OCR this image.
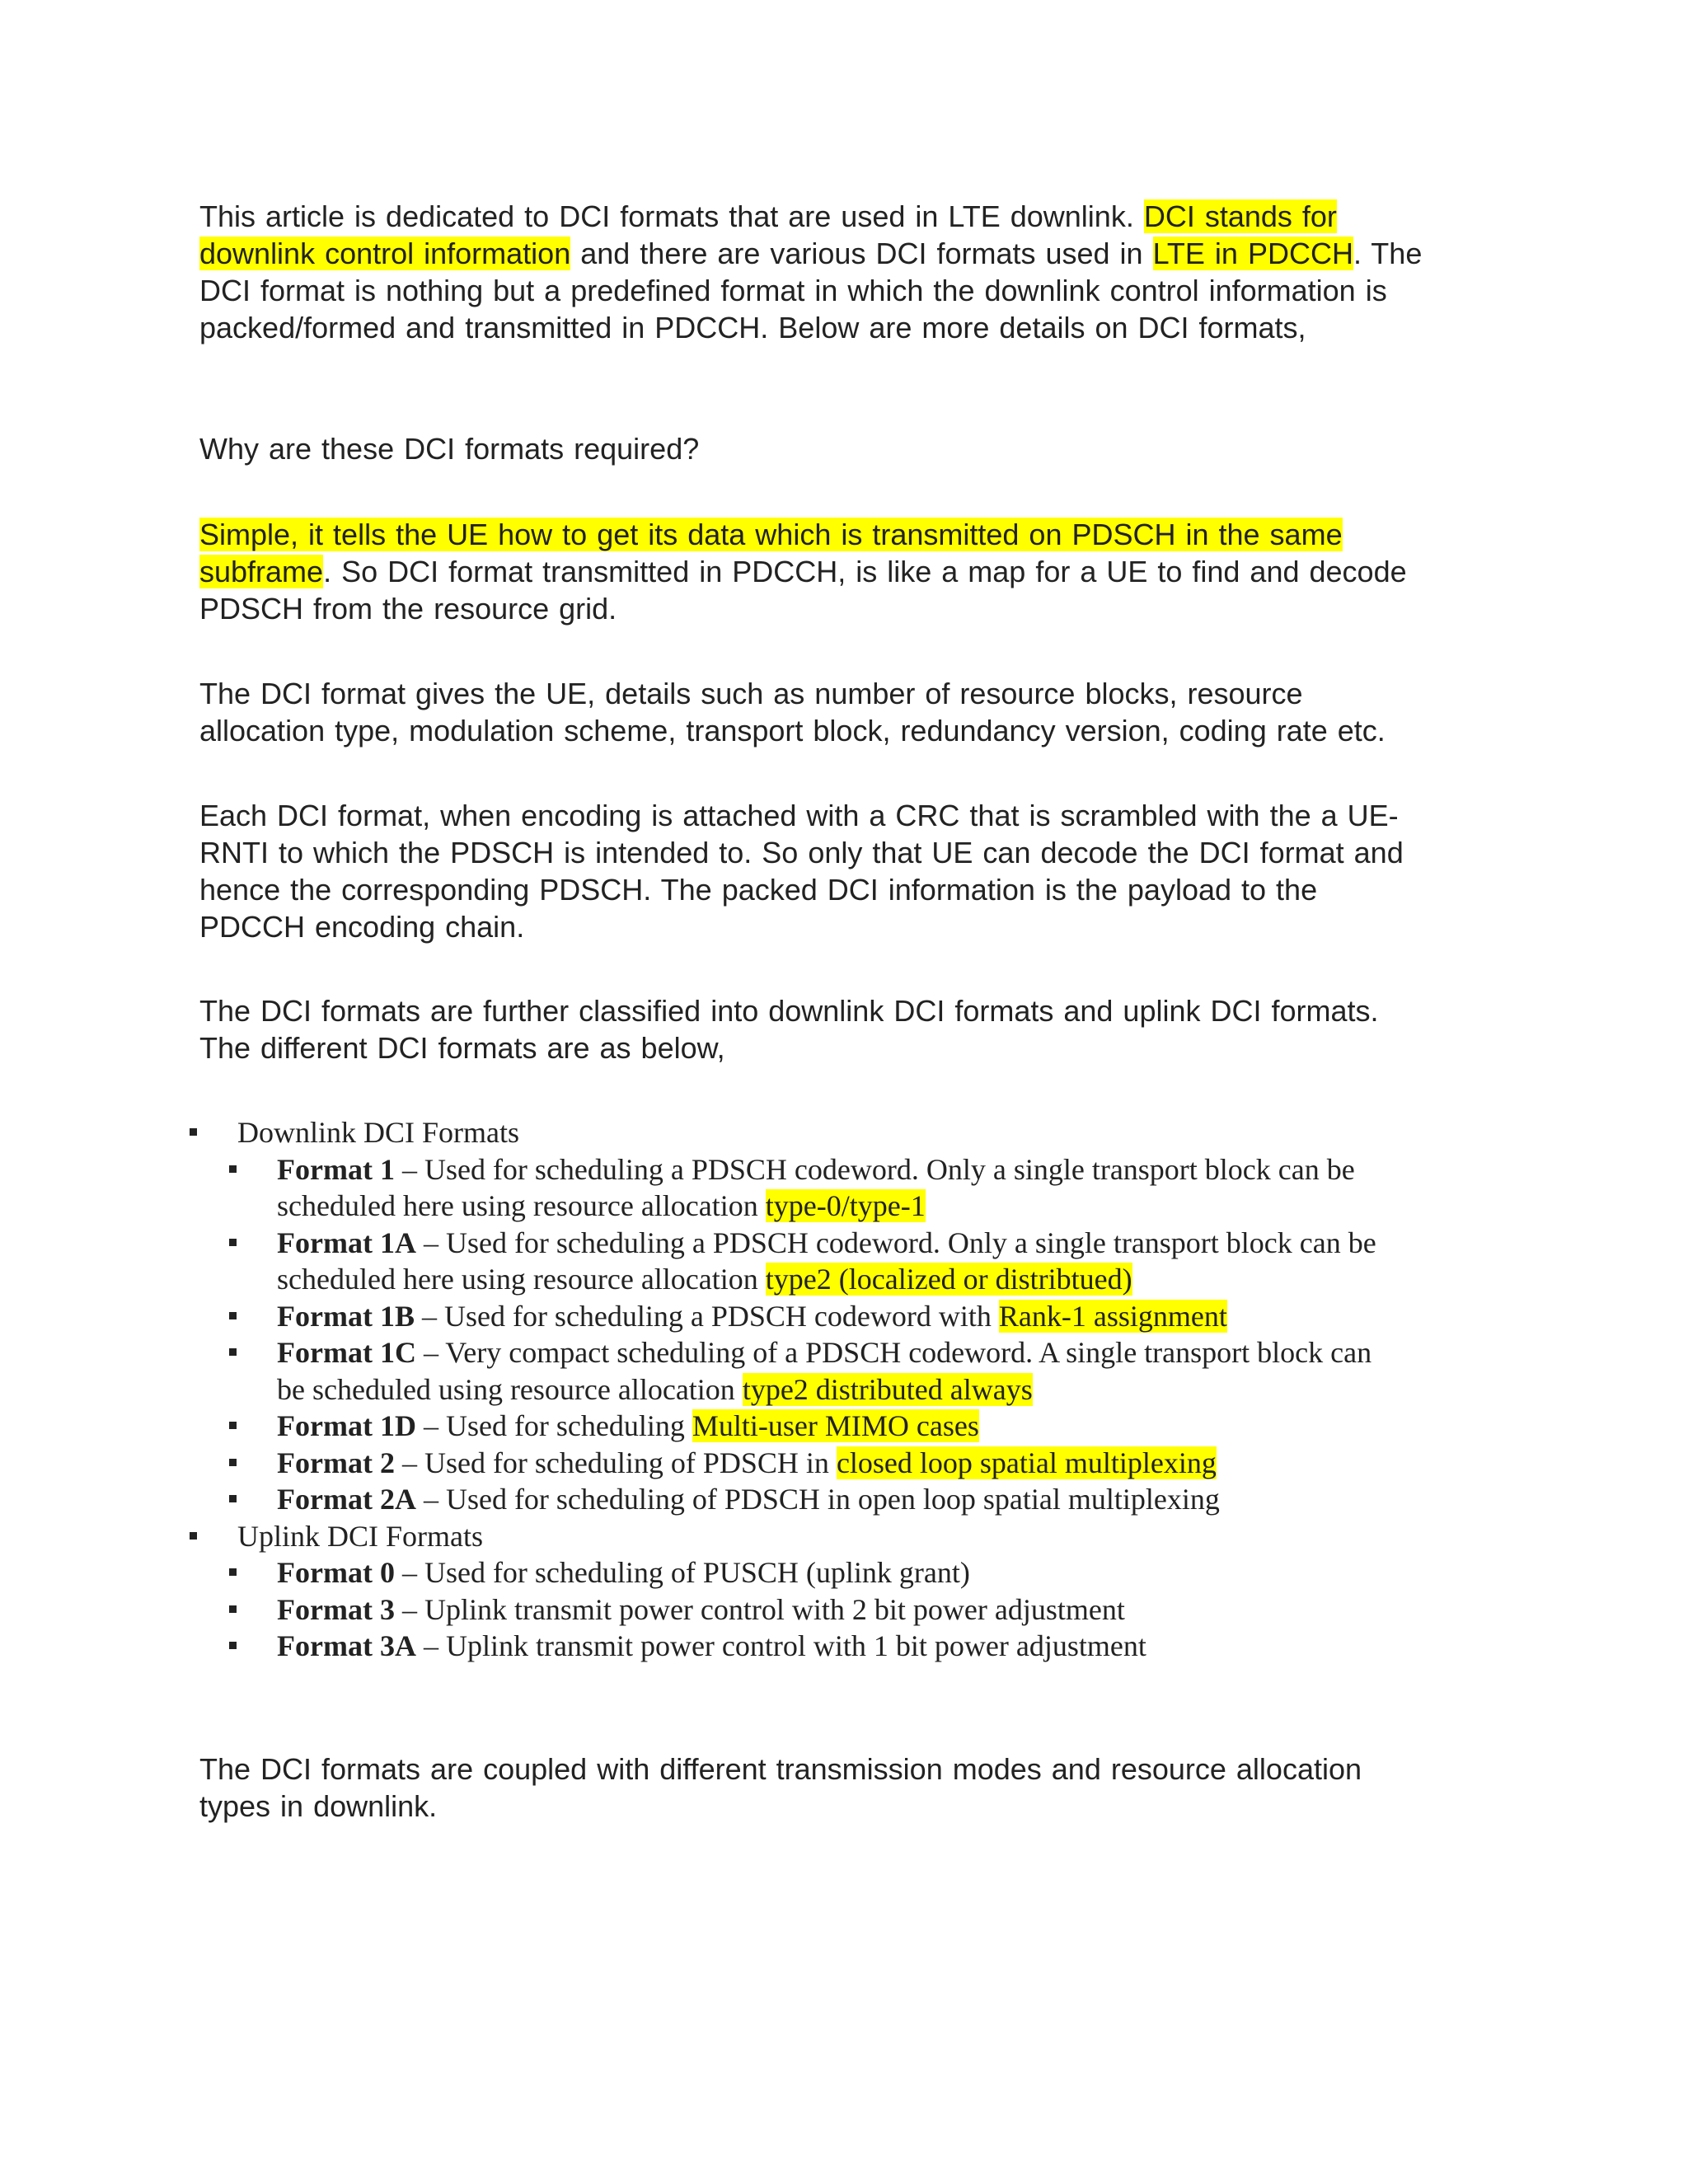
This article is dedicated to DCI formats that are used in LTE downlink. DCI stands for
downlink control information and there are various DCI formats used in LTE in PDCCH. The
DCI format is nothing but a predefined format in which the downlink control information is
packed/formed and transmitted in PDCCH. Below are more details on DCI formats,
Why are these DCI formats required?
Simple, it tells the UE how to get its data which is transmitted on PDSCH in the same
subframe. So DCI format transmitted in PDCCH, is like a map for a UE to find and decode
PDSCH from the resource grid.
The DCI format gives the UE, details such as number of resource blocks, resource
allocation type, modulation scheme, transport block, redundancy version, coding rate etc.
Each DCI format, when encoding is attached with a CRC that is scrambled with the a UE-
RNTI to which the PDSCH is intended to. So only that UE can decode the DCI format and
hence the corresponding PDSCH. The packed DCI information is the payload to the
PDCCH encoding chain.
The DCI formats are further classified into downlink DCI formats and uplink DCI formats.
The different DCI formats are as below,
Downlink DCI Formats
Format 1 – Used for scheduling a PDSCH codeword. Only a single transport block can be
scheduled here using resource allocation type-0/type-1
Format 1A – Used for scheduling a PDSCH codeword. Only a single transport block can be
scheduled here using resource allocation type2 (localized or distribtued)
Format 1B – Used for scheduling a PDSCH codeword with Rank-1 assignment
Format 1C – Very compact scheduling of a PDSCH codeword. A single transport block can
be scheduled using resource allocation type2 distributed always
Format 1D – Used for scheduling Multi-user MIMO cases
Format 2 – Used for scheduling of PDSCH in closed loop spatial multiplexing
Format 2A – Used for scheduling of PDSCH in open loop spatial multiplexing
Uplink DCI Formats
Format 0 – Used for scheduling of PUSCH (uplink grant)
Format 3 – Uplink transmit power control with 2 bit power adjustment
Format 3A – Uplink transmit power control with 1 bit power adjustment
The DCI formats are coupled with different transmission modes and resource allocation
types in downlink.
